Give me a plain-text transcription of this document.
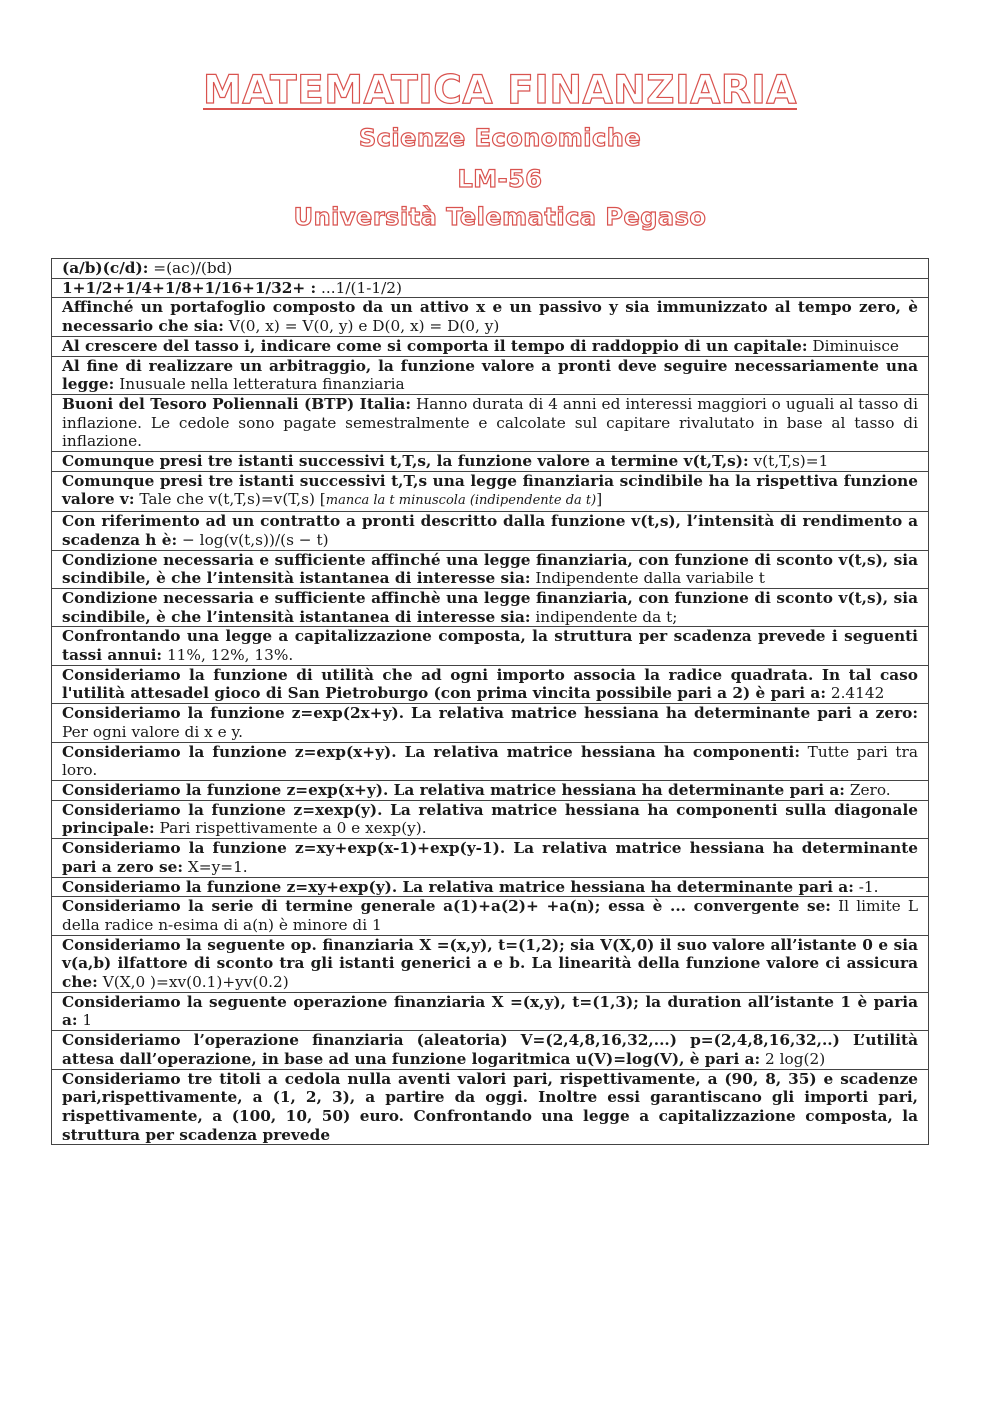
MATEMATICA FINANZIARIA
Scienze Economiche
LM-56
Università Telematica Pegaso
(a/b)(c/d): =(ac)/(bd)
1+1/2+1/4+1/8+1/16+1/32+ : ...1/(1-1/2)
Affinché un portafoglio composto da un attivo x e un passivo y sia immunizzato al tempo zero, è necessario che sia: V(0, x) = V(0, y) e D(0, x) = D(0, y)
Al crescere del tasso i, indicare come si comporta il tempo di raddoppio di un capitale: Diminuisce
Al fine di realizzare un arbitraggio, la funzione valore a pronti deve seguire necessariamente una legge: Inusuale nella letteratura finanziaria
Buoni del Tesoro Poliennali (BTP) Italia: Hanno durata di 4 anni ed interessi maggiori o uguali al tasso di inflazione. Le cedole sono pagate semestralmente e calcolate sul capitare rivalutato in base al tasso di inflazione.
Comunque presi tre istanti successivi t,T,s, la funzione valore a termine v(t,T,s): v(t,T,s)=1
Comunque presi tre istanti successivi t,T,s una legge finanziaria scindibile ha la rispettiva funzione valore v: Tale che v(t,T,s)=v(T,s) [manca la t minuscola (indipendente da t)]
Con riferimento ad un contratto a pronti descritto dalla funzione v(t,s), l’intensità di rendimento a scadenza h è: − log(v(t,s))/(s − t)
Condizione necessaria e sufficiente affinché una legge finanziaria, con funzione di sconto v(t,s), sia scindibile, è che l’intensità istantanea di interesse sia: Indipendente dalla variabile t
Condizione necessaria e sufficiente affinchè una legge finanziaria, con funzione di sconto v(t,s), sia scindibile, è che l’intensità istantanea di interesse sia: indipendente da t;
Confrontando una legge a capitalizzazione composta, la struttura per scadenza prevede i seguenti tassi annui: 11%, 12%, 13%.
Consideriamo la funzione di utilità che ad ogni importo associa la radice quadrata. In tal caso l'utilità attesadel gioco di San Pietroburgo (con prima vincita possibile pari a 2) è pari a: 2.4142
Consideriamo la funzione z=exp(2x+y). La relativa matrice hessiana ha determinante pari a zero: Per ogni valore di x e y.
Consideriamo la funzione z=exp(x+y). La relativa matrice hessiana ha componenti: Tutte pari tra loro.
Consideriamo la funzione z=exp(x+y). La relativa matrice hessiana ha determinante pari a: Zero.
Consideriamo la funzione z=xexp(y). La relativa matrice hessiana ha componenti sulla diagonale principale: Pari rispettivamente a 0 e xexp(y).
Consideriamo la funzione z=xy+exp(x-1)+exp(y-1). La relativa matrice hessiana ha determinante pari a zero se: X=y=1.
Consideriamo la funzione z=xy+exp(y). La relativa matrice hessiana ha determinante pari a: -1.
Consideriamo la serie di termine generale a(1)+a(2)+ +a(n); essa è ... convergente se: Il limite L della radice n-esima di a(n) è minore di 1
Consideriamo la seguente op. finanziaria X =(x,y), t=(1,2); sia V(X,0) il suo valore all’istante 0 e sia v(a,b) ilfattore di sconto tra gli istanti generici a e b. La linearità della funzione valore ci assicura che: V(X,0 )=xv(0.1)+yv(0.2)
Consideriamo la seguente operazione finanziaria X =(x,y), t=(1,3); la duration all’istante 1 è paria a: 1
Consideriamo l’operazione finanziaria (aleatoria) V=(2,4,8,16,32,...) p=(2,4,8,16,32,..) L’utilità attesa dall’operazione, in base ad una funzione logaritmica u(V)=log(V), è pari a: 2 log(2)
Consideriamo tre titoli a cedola nulla aventi valori pari, rispettivamente, a (90, 8, 35) e scadenze pari,rispettivamente, a (1, 2, 3), a partire da oggi. Inoltre essi garantiscano gli importi pari, rispettivamente, a (100, 10, 50) euro. Confrontando una legge a capitalizzazione composta, la struttura per scadenza prevede
